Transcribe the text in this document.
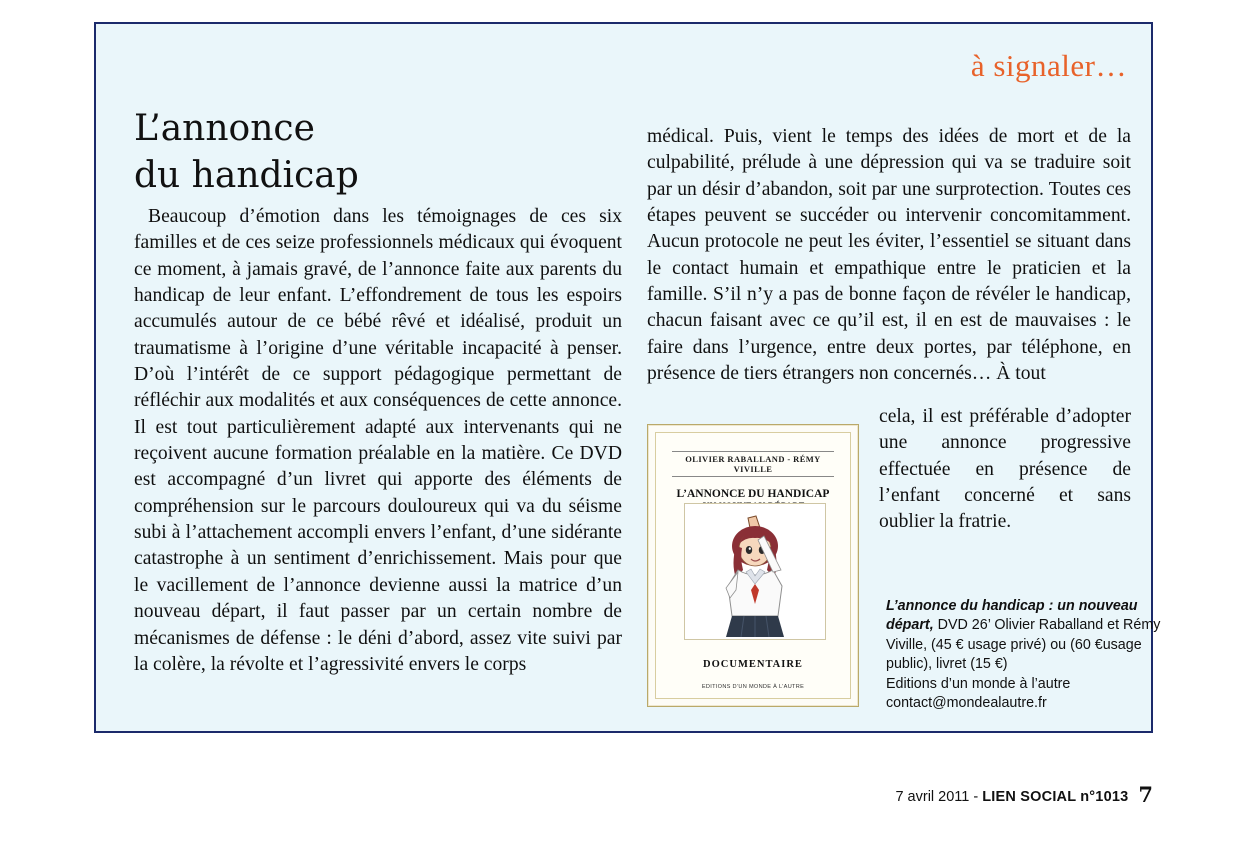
à signaler…
L’annonce
du handicap

Beaucoup d’émotion dans les témoignages de ces six familles et de ces seize professionnels médicaux qui évoquent ce moment, à jamais gravé, de l’annonce faite aux parents du handicap de leur enfant. L’effondrement de tous les espoirs accumulés autour de ce bébé rêvé et idéalisé, produit un traumatisme à l’origine d’une véritable incapacité à penser. D’où l’intérêt de ce support pédagogique permettant de réfléchir aux modalités et aux conséquences de cette annonce. Il est tout particulièrement adapté aux intervenants qui ne reçoivent aucune formation préalable en la matière. Ce DVD est accompagné d’un livret qui apporte des éléments de compréhension sur le parcours douloureux qui va du séisme subi à l’attachement accompli envers l’enfant, d’une sidérante catastrophe à un sentiment d’enrichissement. Mais pour que le vacillement de l’annonce devienne aussi la matrice d’un nouveau départ, il faut passer par un certain nombre de mécanismes de défense : le déni d’abord, assez vite suivi par la colère, la révolte et l’agressivité envers le corps

médical. Puis, vient le temps des idées de mort et de la culpabilité, prélude à une dépression qui va se traduire soit par un désir d’abandon, soit par une surprotection. Toutes ces étapes peuvent se succéder ou intervenir concomitamment. Aucun protocole ne peut les éviter, l’essentiel se situant dans le contact humain et empathique entre le praticien et la famille. S’il n’y a pas de bonne façon de révéler le handicap, chacun faisant avec ce qu’il est, il en est de mauvaises : le faire dans l’urgence, entre deux portes, par téléphone, en présence de tiers étrangers non concernés… À tout

cela, il est préférable d’adopter une annonce progressive effectuée en présence de l’enfant concerné et sans oublier la fratrie.

OLIVIER RABALLAND - RÉMY VIVILLE
L’ANNONCE DU HANDICAP
DOCUMENTAIRE
EDITIONS D’UN MONDE À L’AUTRE
L’annonce du handicap : un nouveau départ, DVD 26’ Olivier Raballand et Rémy Viville, (45 € usage privé) ou (60 €usage public), livret (15 €)
Editions d’un monde à l’autre
contact@mondealautre.fr
7 avril 2011 - LIEN SOCIAL n°1013 7
